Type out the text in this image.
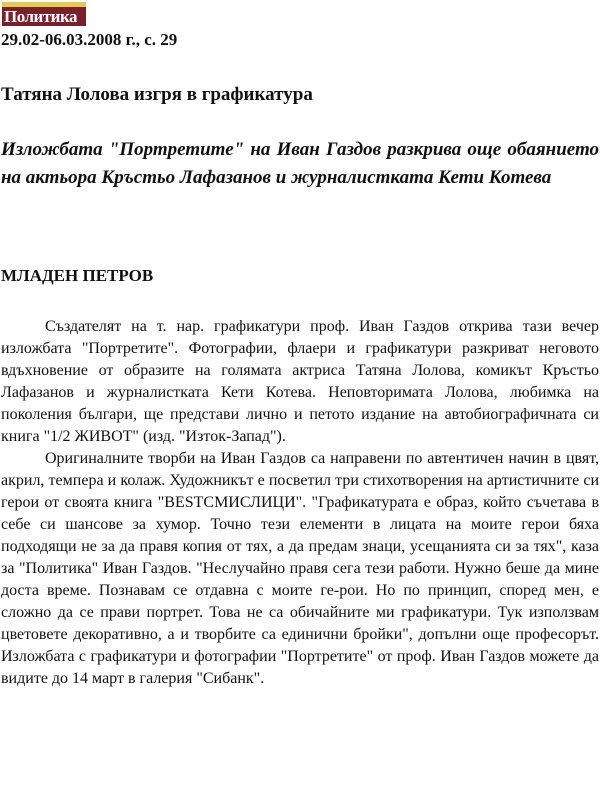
Политика
29.02-06.03.2008 г., с. 29
Татяна Лолова изгря в графикатура
Изложбата "Портретите" на Иван Газдов разкрива още обаянието на актьора Кръстьо Лафазанов и журналистката Кети Котева
МЛАДЕН ПЕТРОВ

Създателят на т. нар. графикатури проф. Иван Газдов открива тази вечер изложбата "Портретите". Фотографии, флаери и графикатури разкриват неговото вдъхновение от образите на голямата актриса Татяна Лолова, комикът Кръстьо Лафазанов и журналистката Кети Котева. Неповторимата Лолова, любимка на поколения българи, ще представи лично и петото издание на автобиографичната си книга "1/2 ЖИВОТ" (изд. "Изток-Запад").

Оригиналните творби на Иван Газдов са направени по автентичен начин в цвят, акрил, темпера и колаж. Художникът е посветил три стихотворения на артистичните си герои от своята книга "BESTСМИСЛИЦИ". "Графикатурата е образ, който съчетава в себе си шансове за хумор. Точно тези елементи в лицата на моите герои бяха подходящи не за да правя копия от тях, а да предам знаци, усещанията си за тях", каза за "Политика" Иван Газдов. "Неслучайно правя сега тези работи. Нужно беше да мине доста време. Познавам се отдавна с моите ге-рои. Но по принцип, според мен, е сложно да се прави портрет. Това не са обичайните ми графикатури. Тук използвам цветовете декоративно, а и творбите са единични бройки", допълни още професорът. Изложбата с графикатури и фотографии "Портретите" от проф. Иван Газдов можете да видите до 14 март в галерия "Сибанк".
